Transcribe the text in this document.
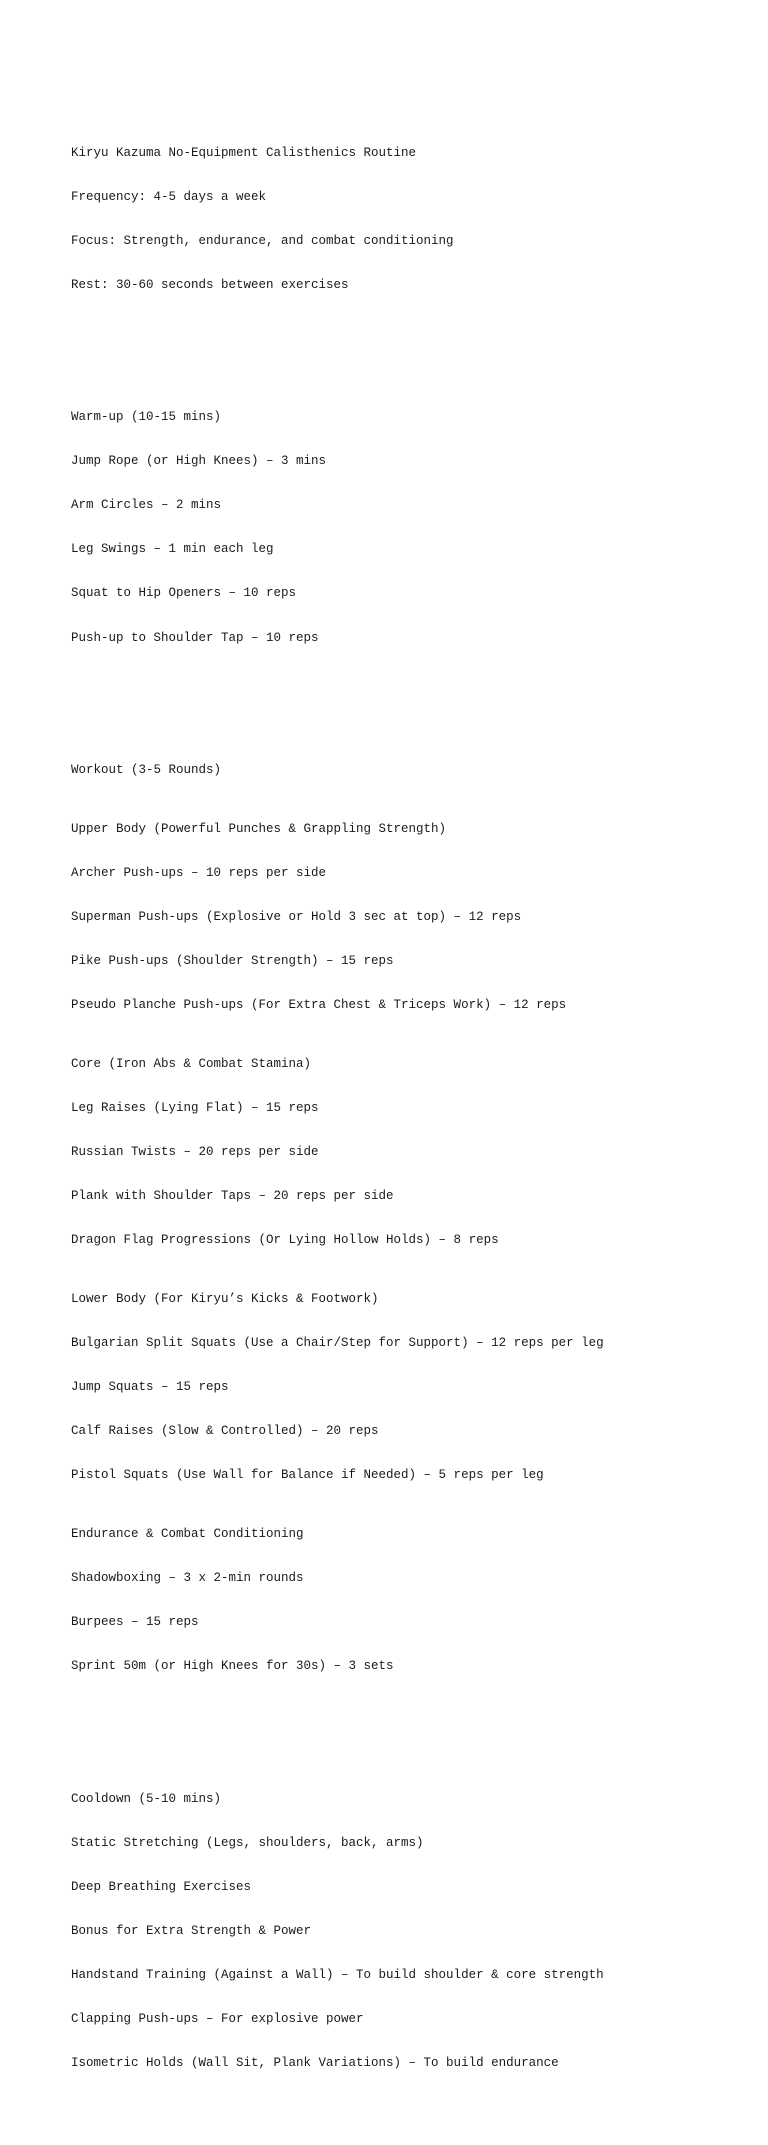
Kiryu Kazuma No-Equipment Calisthenics Routine

Frequency: 4-5 days a week

Focus: Strength, endurance, and combat conditioning

Rest: 30-60 seconds between exercises

Warm-up (10-15 mins)

Jump Rope (or High Knees) – 3 mins

Arm Circles – 2 mins

Leg Swings – 1 min each leg

Squat to Hip Openers – 10 reps

Push-up to Shoulder Tap – 10 reps

Workout (3-5 Rounds)

Upper Body (Powerful Punches & Grappling Strength)

Archer Push-ups – 10 reps per side

Superman Push-ups (Explosive or Hold 3 sec at top) – 12 reps

Pike Push-ups (Shoulder Strength) – 15 reps

Pseudo Planche Push-ups (For Extra Chest & Triceps Work) – 12 reps

Core (Iron Abs & Combat Stamina)

Leg Raises (Lying Flat) – 15 reps

Russian Twists – 20 reps per side

Plank with Shoulder Taps – 20 reps per side

Dragon Flag Progressions (Or Lying Hollow Holds) – 8 reps

Lower Body (For Kiryu’s Kicks & Footwork)

Bulgarian Split Squats (Use a Chair/Step for Support) – 12 reps per leg

Jump Squats – 15 reps

Calf Raises (Slow & Controlled) – 20 reps

Pistol Squats (Use Wall for Balance if Needed) – 5 reps per leg

Endurance & Combat Conditioning

Shadowboxing – 3 x 2-min rounds

Burpees – 15 reps

Sprint 50m (or High Knees for 30s) – 3 sets

Cooldown (5-10 mins)

Static Stretching (Legs, shoulders, back, arms)

Deep Breathing Exercises

Bonus for Extra Strength & Power

Handstand Training (Against a Wall) – To build shoulder & core strength

Clapping Push-ups – For explosive power

Isometric Holds (Wall Sit, Plank Variations) – To build endurance
